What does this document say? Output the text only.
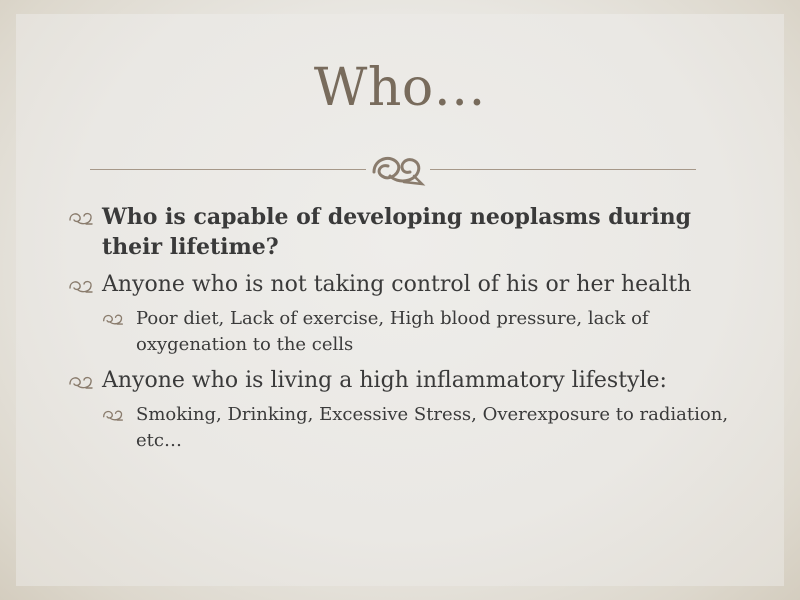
Who…
Who is capable of developing neoplasms during their lifetime?
Anyone who is not taking control of his or her health
Poor diet, Lack of exercise, High blood pressure, lack of oxygenation to the cells
Anyone who is living a high inflammatory lifestyle:
Smoking, Drinking, Excessive Stress, Overexposure to radiation, etc…
